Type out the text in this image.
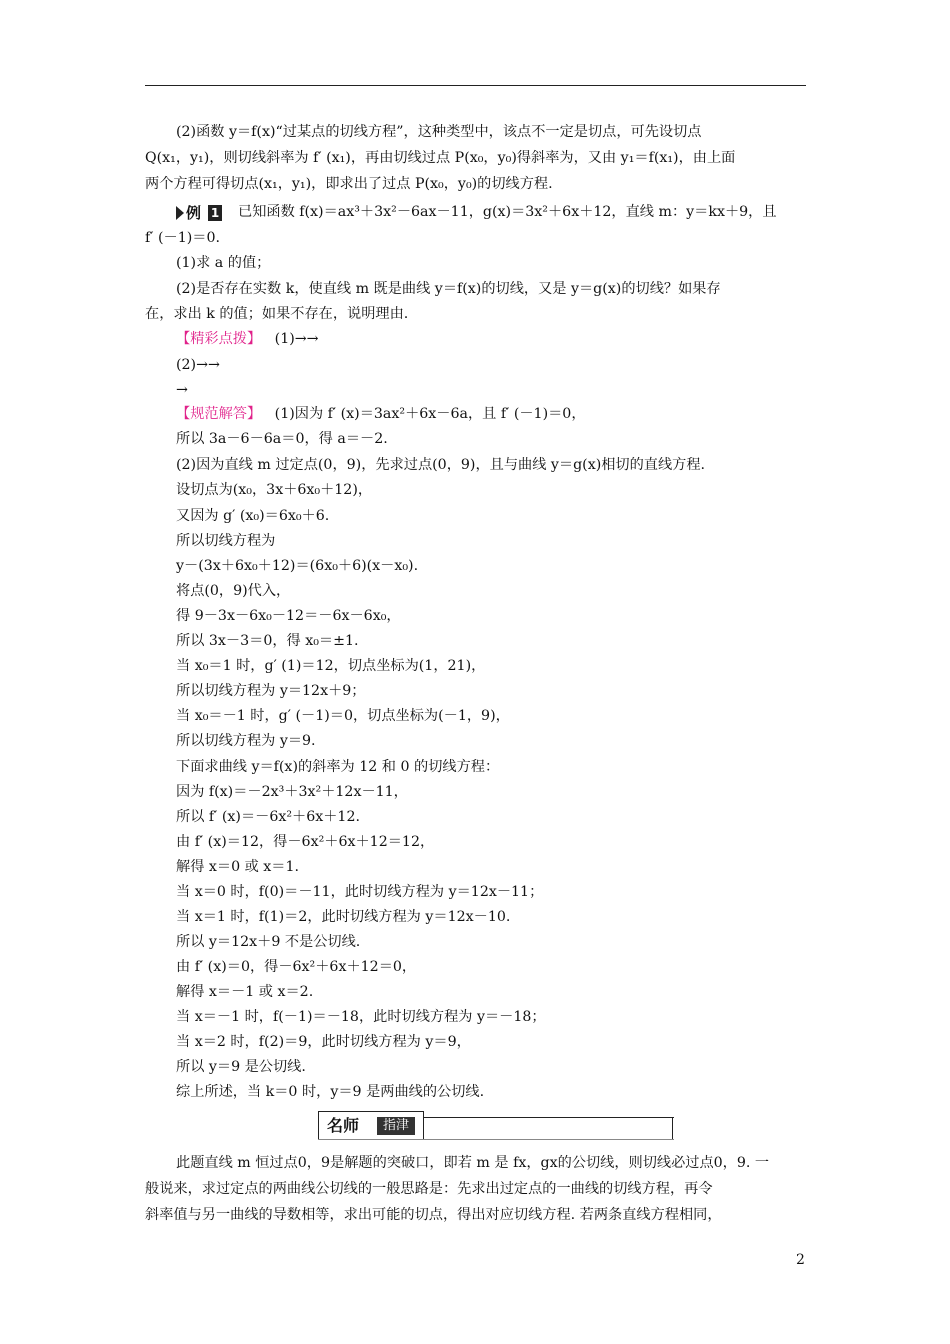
(2)函数 y＝f(x)“过某点的切线方程”，这种类型中，该点不一定是切点，可先设切点
Q(x₁，y₁)，则切线斜率为 f′ (x₁)，再由切线过点 P(x₀，y₀)得斜率为，又由 y₁＝f(x₁)，由上面
两个方程可得切点(x₁，y₁)，即求出了过点 P(x₀，y₀)的切线方程.
例 1 已知函数 f(x)＝ax³＋3x²－6ax－11，g(x)＝3x²＋6x＋12，直线 m：y＝kx＋9，且
f′ (－1)＝0.
(1)求 a 的值；
(2)是否存在实数 k，使直线 m 既是曲线 y＝f(x)的切线，又是 y＝g(x)的切线？如果存
在，求出 k 的值；如果不存在，说明理由.
【精彩点拨】 (1)→→
(2)→→
→
【规范解答】 (1)因为 f′ (x)＝3ax²＋6x－6a，且 f′ (－1)＝0，
所以 3a－6－6a＝0，得 a＝－2.
(2)因为直线 m 过定点(0，9)，先求过点(0，9)，且与曲线 y＝g(x)相切的直线方程.
设切点为(x₀，3x＋6x₀＋12)，
又因为 g′ (x₀)＝6x₀＋6.
所以切线方程为
y－(3x＋6x₀＋12)＝(6x₀＋6)(x－x₀).
将点(0，9)代入，
得 9－3x－6x₀－12＝－6x－6x₀，
所以 3x－3＝0，得 x₀＝±1.
当 x₀＝1 时，g′ (1)＝12，切点坐标为(1，21)，
所以切线方程为 y＝12x＋9；
当 x₀＝－1 时，g′ (－1)＝0，切点坐标为(－1，9)，
所以切线方程为 y＝9.
下面求曲线 y＝f(x)的斜率为 12 和 0 的切线方程：
因为 f(x)＝－2x³＋3x²＋12x－11，
所以 f′ (x)＝－6x²＋6x＋12.
由 f′ (x)＝12，得－6x²＋6x＋12＝12，
解得 x＝0 或 x＝1.
当 x＝0 时，f(0)＝－11，此时切线方程为 y＝12x－11；
当 x＝1 时，f(1)＝2，此时切线方程为 y＝12x－10.
所以 y＝12x＋9 不是公切线.
由 f′ (x)＝0，得－6x²＋6x＋12＝0，
解得 x＝－1 或 x＝2.
当 x＝－1 时，f(－1)＝－18，此时切线方程为 y＝－18；
当 x＝2 时，f(2)＝9，此时切线方程为 y＝9，
所以 y＝9 是公切线.
综上所述，当 k＝0 时，y＝9 是两曲线的公切线.
名师	指津
此题直线 m 恒过点0，9是解题的突破口，即若 m 是 fx，gx的公切线，则切线必过点0，9. 一
般说来，求过定点的两曲线公切线的一般思路是：先求出过定点的一曲线的切线方程，再令
斜率值与另一曲线的导数相等，求出可能的切点，得出对应切线方程. 若两条直线方程相同，
2
